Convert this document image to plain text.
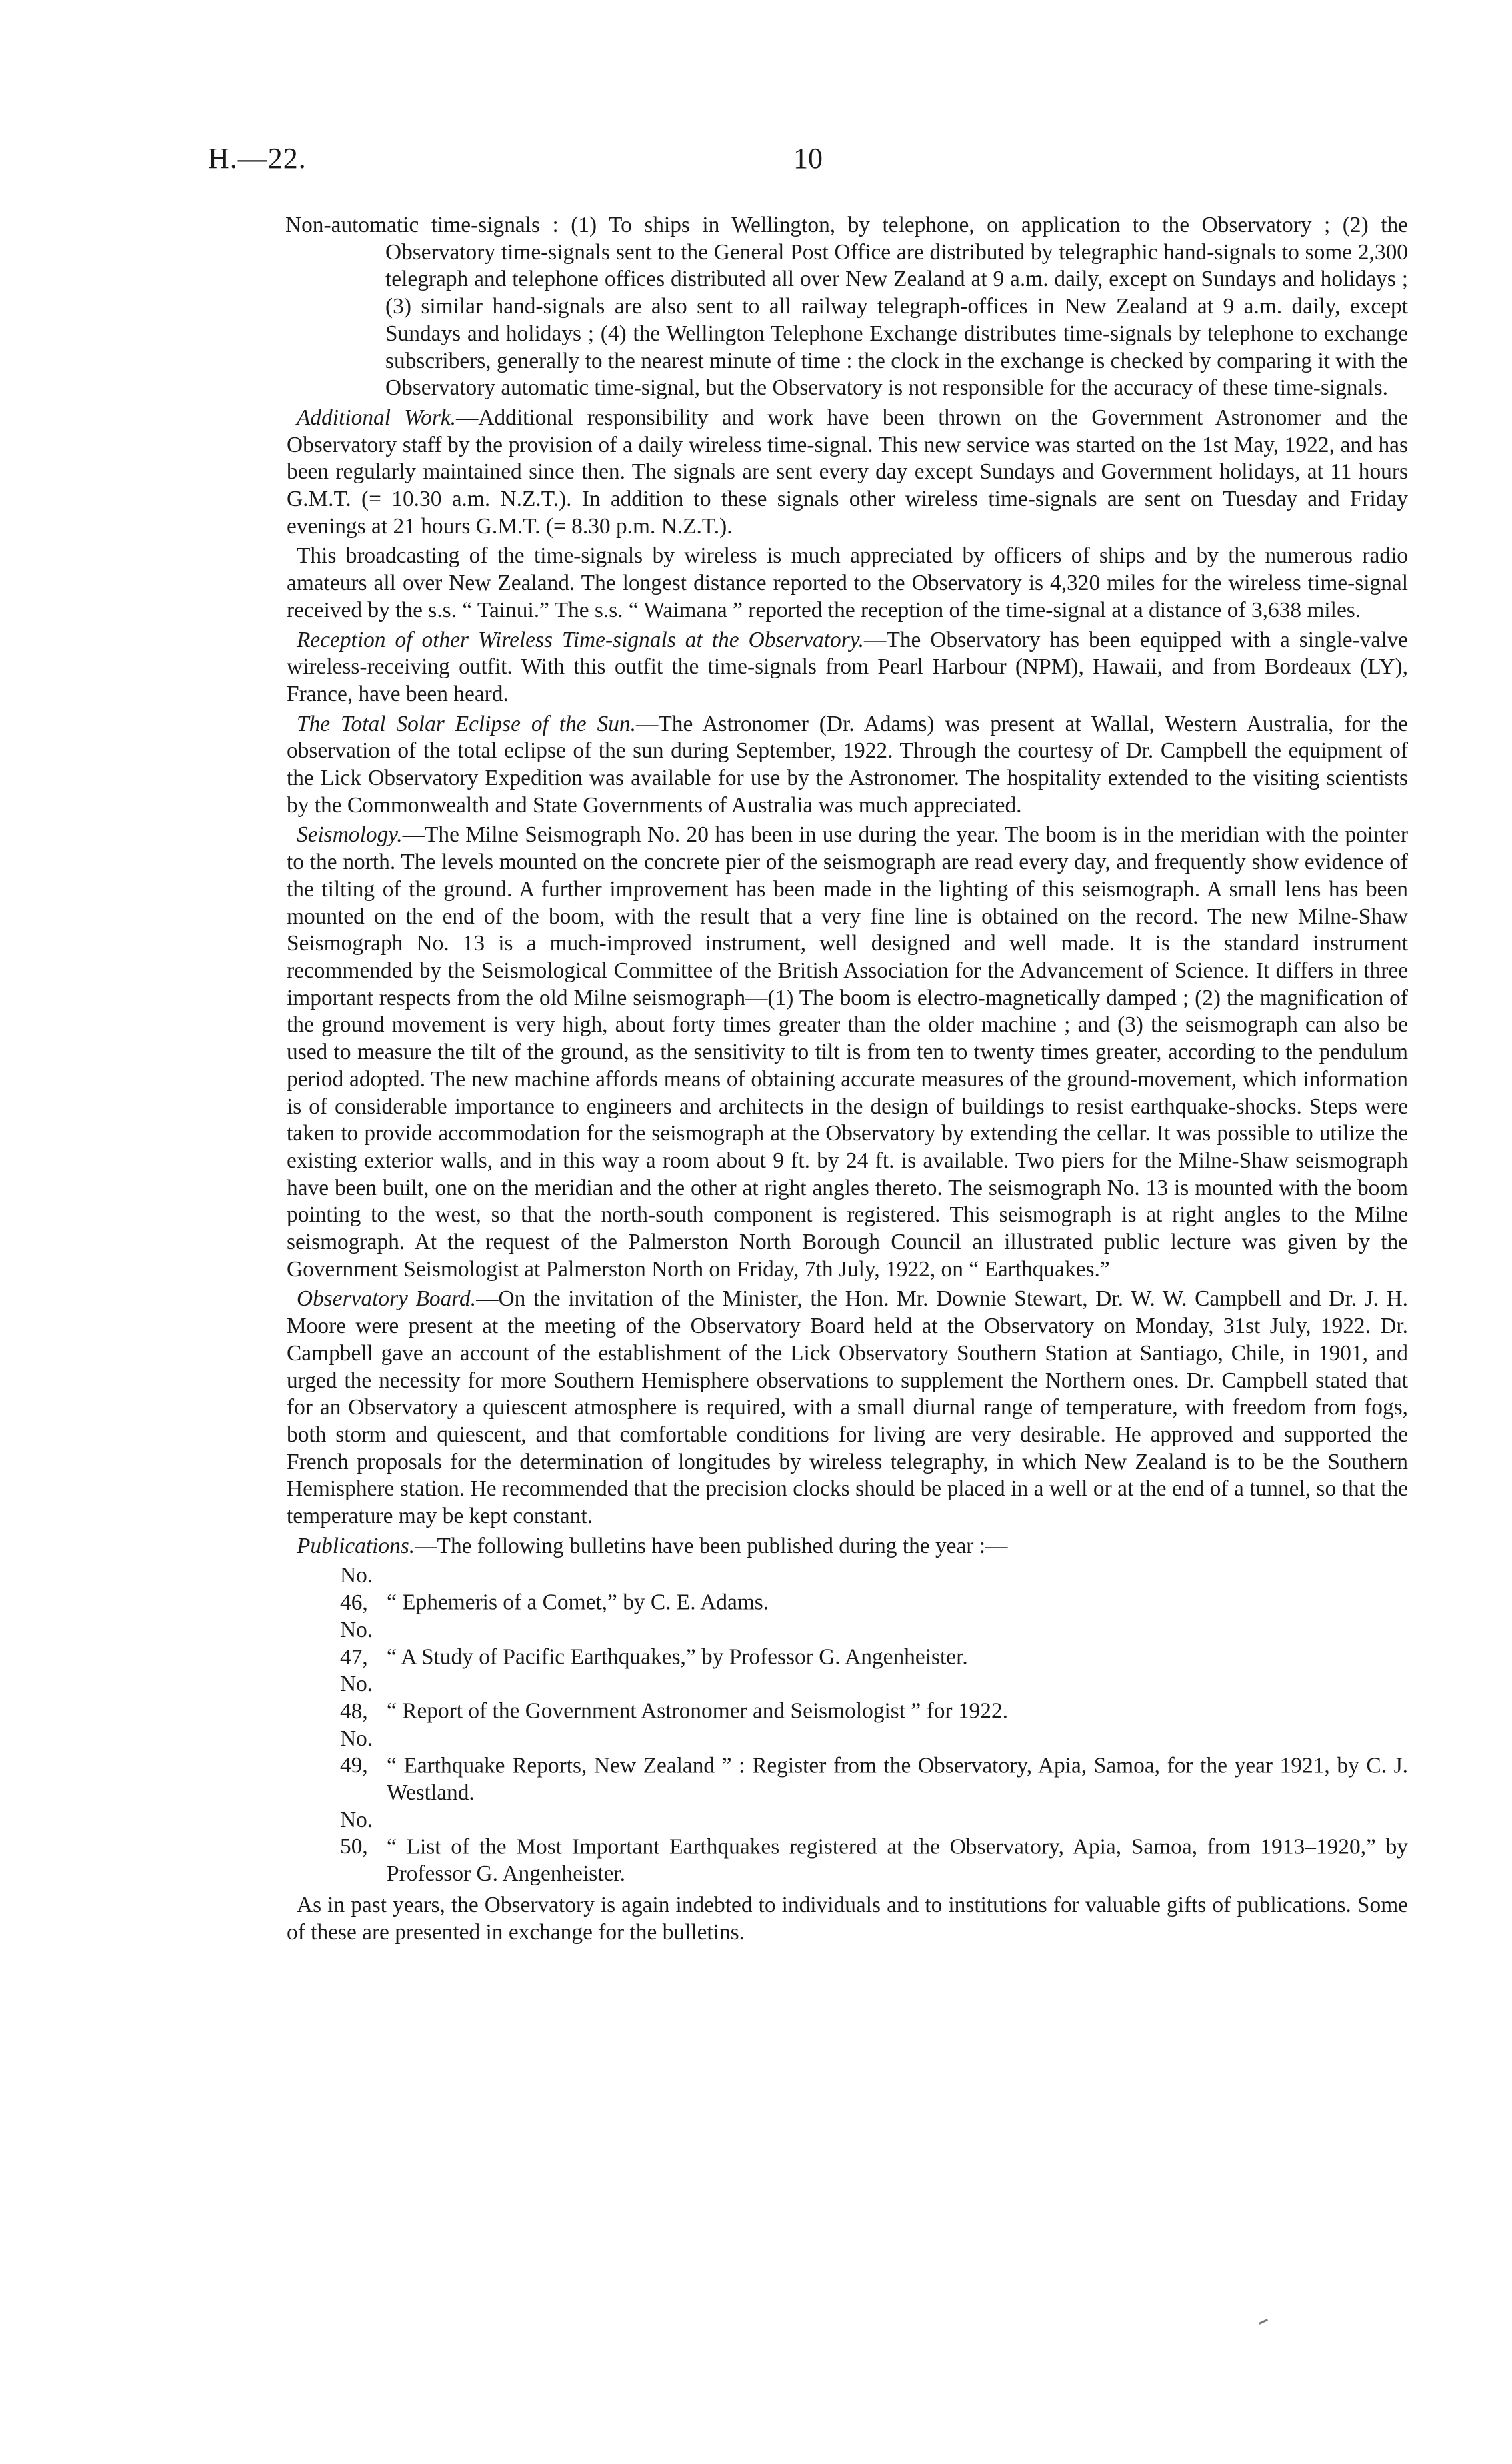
H.—22.	10

Non-automatic time-signals : (1) To ships in Wellington, by telephone, on application to the Observatory ; (2) the Observatory time-signals sent to the General Post Office are distributed by telegraphic hand-signals to some 2,300 telegraph and telephone offices distributed all over New Zealand at 9 a.m. daily, except on Sundays and holidays ; (3) similar hand-signals are also sent to all railway telegraph-offices in New Zealand at 9 a.m. daily, except Sundays and holidays ; (4) the Wellington Telephone Exchange distributes time-signals by telephone to exchange subscribers, generally to the nearest minute of time : the clock in the exchange is checked by comparing it with the Observatory automatic time-signal, but the Observatory is not responsible for the accuracy of these time-signals.

Additional Work.—Additional responsibility and work have been thrown on the Government Astronomer and the Observatory staff by the provision of a daily wireless time-signal. This new service was started on the 1st May, 1922, and has been regularly maintained since then. The signals are sent every day except Sundays and Government holidays, at 11 hours G.M.T. (= 10.30 a.m. N.Z.T.). In addition to these signals other wireless time-signals are sent on Tuesday and Friday evenings at 21 hours G.M.T. (= 8.30 p.m. N.Z.T.).

This broadcasting of the time-signals by wireless is much appreciated by officers of ships and by the numerous radio amateurs all over New Zealand. The longest distance reported to the Observatory is 4,320 miles for the wireless time-signal received by the s.s. “ Tainui.” The s.s. “ Waimana ” reported the reception of the time-signal at a distance of 3,638 miles.

Reception of other Wireless Time-signals at the Observatory.—The Observatory has been equipped with a single-valve wireless-receiving outfit. With this outfit the time-signals from Pearl Harbour (NPM), Hawaii, and from Bordeaux (LY), France, have been heard.

The Total Solar Eclipse of the Sun.—The Astronomer (Dr. Adams) was present at Wallal, Western Australia, for the observation of the total eclipse of the sun during September, 1922. Through the courtesy of Dr. Campbell the equipment of the Lick Observatory Expedition was available for use by the Astronomer. The hospitality extended to the visiting scientists by the Commonwealth and State Governments of Australia was much appreciated.

Seismology.—The Milne Seismograph No. 20 has been in use during the year. The boom is in the meridian with the pointer to the north. The levels mounted on the concrete pier of the seismograph are read every day, and frequently show evidence of the tilting of the ground. A further improvement has been made in the lighting of this seismograph. A small lens has been mounted on the end of the boom, with the result that a very fine line is obtained on the record. The new Milne-Shaw Seismograph No. 13 is a much-improved instrument, well designed and well made. It is the standard instrument recommended by the Seismological Committee of the British Association for the Advancement of Science. It differs in three important respects from the old Milne seismograph—(1) The boom is electro-magnetically damped ; (2) the magnification of the ground movement is very high, about forty times greater than the older machine ; and (3) the seismograph can also be used to measure the tilt of the ground, as the sensitivity to tilt is from ten to twenty times greater, according to the pendulum period adopted. The new machine affords means of obtaining accurate measures of the ground-movement, which information is of considerable importance to engineers and architects in the design of buildings to resist earthquake-shocks. Steps were taken to provide accommodation for the seismograph at the Observatory by extending the cellar. It was possible to utilize the existing exterior walls, and in this way a room about 9 ft. by 24 ft. is available. Two piers for the Milne-Shaw seismograph have been built, one on the meridian and the other at right angles thereto. The seismograph No. 13 is mounted with the boom pointing to the west, so that the north-south component is registered. This seismograph is at right angles to the Milne seismograph. At the request of the Palmerston North Borough Council an illustrated public lecture was given by the Government Seismologist at Palmerston North on Friday, 7th July, 1922, on “ Earthquakes.”

Observatory Board.—On the invitation of the Minister, the Hon. Mr. Downie Stewart, Dr. W. W. Campbell and Dr. J. H. Moore were present at the meeting of the Observatory Board held at the Observatory on Monday, 31st July, 1922. Dr. Campbell gave an account of the establishment of the Lick Observatory Southern Station at Santiago, Chile, in 1901, and urged the necessity for more Southern Hemisphere observations to supplement the Northern ones. Dr. Campbell stated that for an Observatory a quiescent atmosphere is required, with a small diurnal range of temperature, with freedom from fogs, both storm and quiescent, and that comfortable conditions for living are very desirable. He approved and supported the French proposals for the determination of longitudes by wireless telegraphy, in which New Zealand is to be the Southern Hemisphere station. He recommended that the precision clocks should be placed in a well or at the end of a tunnel, so that the temperature may be kept constant.

Publications.—The following bulletins have been published during the year :—

No. 46, “ Ephemeris of a Comet,” by C. E. Adams.

No. 47, “ A Study of Pacific Earthquakes,” by Professor G. Angenheister.

No. 48, “ Report of the Government Astronomer and Seismologist ” for 1922.

No. 49, “ Earthquake Reports, New Zealand ” : Register from the Observatory, Apia, Samoa, for the year 1921, by C. J. Westland.

No. 50, “ List of the Most Important Earthquakes registered at the Observatory, Apia, Samoa, from 1913–1920,” by Professor G. Angenheister.

As in past years, the Observatory is again indebted to individuals and to institutions for valuable gifts of publications. Some of these are presented in exchange for the bulletins.
